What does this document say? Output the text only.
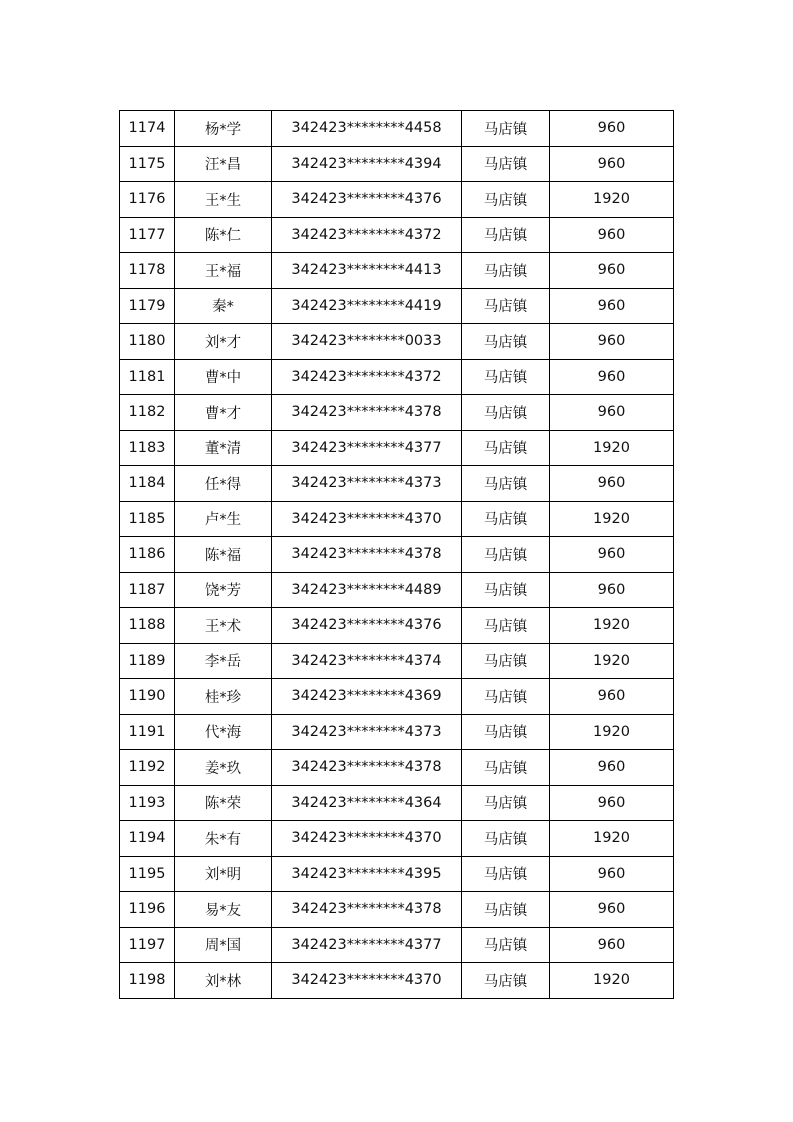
1174	杨*学	342423********4458	马店镇	960
1175	汪*昌	342423********4394	马店镇	960
1176	王*生	342423********4376	马店镇	1920
1177	陈*仁	342423********4372	马店镇	960
1178	王*福	342423********4413	马店镇	960
1179	秦*	342423********4419	马店镇	960
1180	刘*才	342423********0033	马店镇	960
1181	曹*中	342423********4372	马店镇	960
1182	曹*才	342423********4378	马店镇	960
1183	董*清	342423********4377	马店镇	1920
1184	任*得	342423********4373	马店镇	960
1185	卢*生	342423********4370	马店镇	1920
1186	陈*福	342423********4378	马店镇	960
1187	饶*芳	342423********4489	马店镇	960
1188	王*术	342423********4376	马店镇	1920
1189	李*岳	342423********4374	马店镇	1920
1190	桂*珍	342423********4369	马店镇	960
1191	代*海	342423********4373	马店镇	1920
1192	姜*玖	342423********4378	马店镇	960
1193	陈*荣	342423********4364	马店镇	960
1194	朱*有	342423********4370	马店镇	1920
1195	刘*明	342423********4395	马店镇	960
1196	易*友	342423********4378	马店镇	960
1197	周*国	342423********4377	马店镇	960
1198	刘*林	342423********4370	马店镇	1920
